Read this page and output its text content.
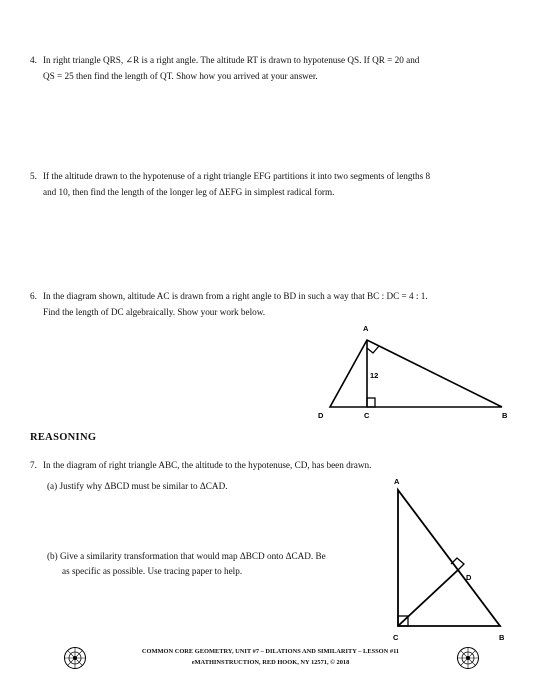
4. In right triangle QRS, ∠R is a right angle. The altitude RT is drawn to hypotenuse QS. If QR = 20 and
QS = 25 then find the length of QT. Show how you arrived at your answer.
5. If the altitude drawn to the hypotenuse of a right triangle EFG partitions it into two segments of lengths 8
and 10, then find the length of the longer leg of ΔEFG in simplest radical form.
6. In the diagram shown, altitude AC is drawn from a right angle to BD in such a way that BC : DC = 4 : 1.
Find the length of DC algebraically. Show your work below.
A
D	C	B
12
REASONING
7. In the diagram of right triangle ABC, the altitude to the hypotenuse, CD, has been drawn.
(a) Justify why ΔBCD must be similar to ΔCAD.
(b) Give a similarity transformation that would map ΔBCD onto ΔCAD. Be
as specific as possible. Use tracing paper to help.
A
D
C	B
COMMON CORE GEOMETRY, UNIT #7 – DILATIONS AND SIMILARITY – LESSON #11
eMATHINSTRUCTION, RED HOOK, NY 12571, © 2018
